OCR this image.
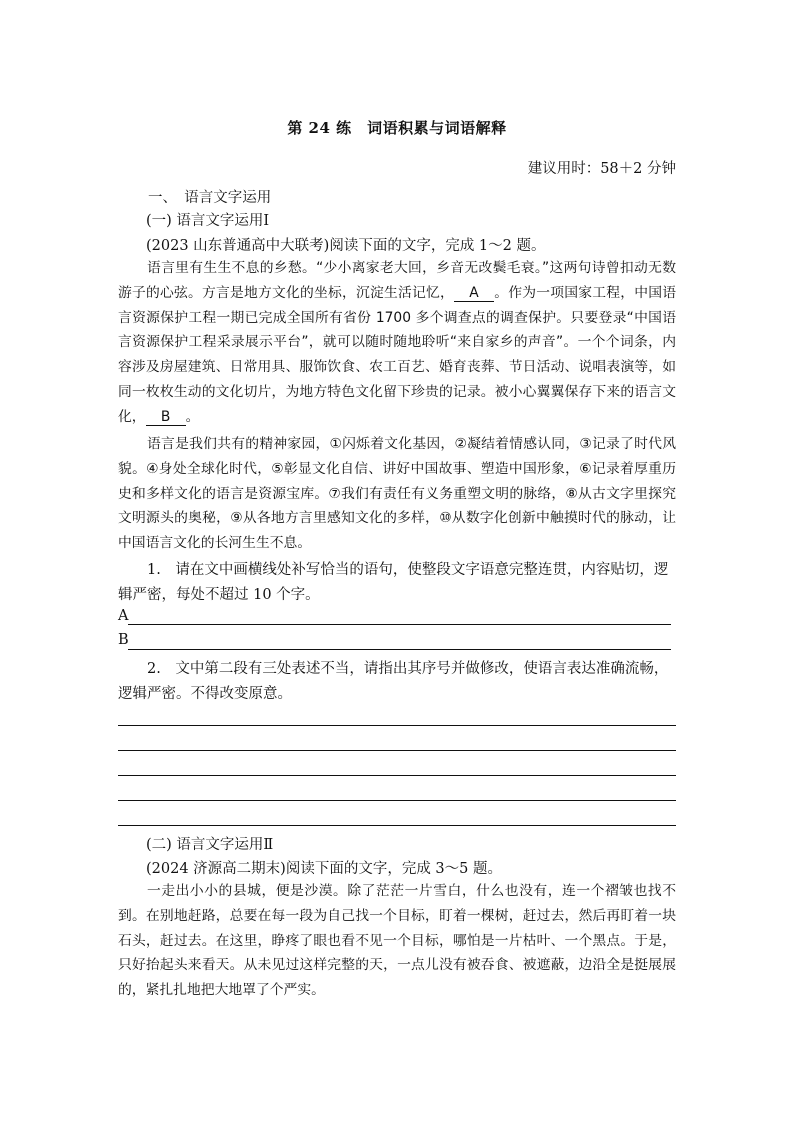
第 24 练　词语积累与词语解释
建议用时：58＋2 分钟
一、　语言文字运用
(一) 语言文字运用Ⅰ
(2023 山东普通高中大联考)阅读下面的文字，完成 1～2 题。
语言里有生生不息的乡愁。“少小离家老大回，乡音无改鬓毛衰。”这两句诗曾扣动无数游子的心弦。方言是地方文化的坐标，沉淀生活记忆， A 。作为一项国家工程，中国语言资源保护工程一期已完成全国所有省份 1700 多个调查点的调查保护。只要登录“中国语言资源保护工程采录展示平台”，就可以随时随地聆听“来自家乡的声音”。一个个词条，内容涉及房屋建筑、日常用具、服饰饮食、农工百艺、婚育丧葬、节日活动、说唱表演等，如同一枚枚生动的文化切片，为地方特色文化留下珍贵的记录。被小心翼翼保存下来的语言文化， B 。
语言是我们共有的精神家园，①闪烁着文化基因，②凝结着情感认同，③记录了时代风貌。④身处全球化时代，⑤彰显文化自信、讲好中国故事、塑造中国形象，⑥记录着厚重历史和多样文化的语言是资源宝库。⑦我们有责任有义务重塑文明的脉络，⑧从古文字里探究文明源头的奥秘，⑨从各地方言里感知文化的多样，⑩从数字化创新中触摸时代的脉动，让中国语言文化的长河生生不息。
1.　请在文中画横线处补写恰当的语句，使整段文字语意完整连贯，内容贴切，逻辑严密，每处不超过 10 个字。
A
B
2.　文中第二段有三处表述不当，请指出其序号并做修改，使语言表达准确流畅，逻辑严密。不得改变原意。
(二) 语言文字运用Ⅱ
(2024 济源高二期末)阅读下面的文字，完成 3～5 题。
一走出小小的县城，便是沙漠。除了茫茫一片雪白，什么也没有，连一个褶皱也找不到。在别地赶路，总要在每一段为自己找一个目标，盯着一棵树，赶过去，然后再盯着一块石头，赶过去。在这里，睁疼了眼也看不见一个目标，哪怕是一片枯叶、一个黑点。于是，只好抬起头来看天。从未见过这样完整的天，一点儿没有被吞食、被遮蔽，边沿全是挺展展的，紧扎扎地把大地罩了个严实。
